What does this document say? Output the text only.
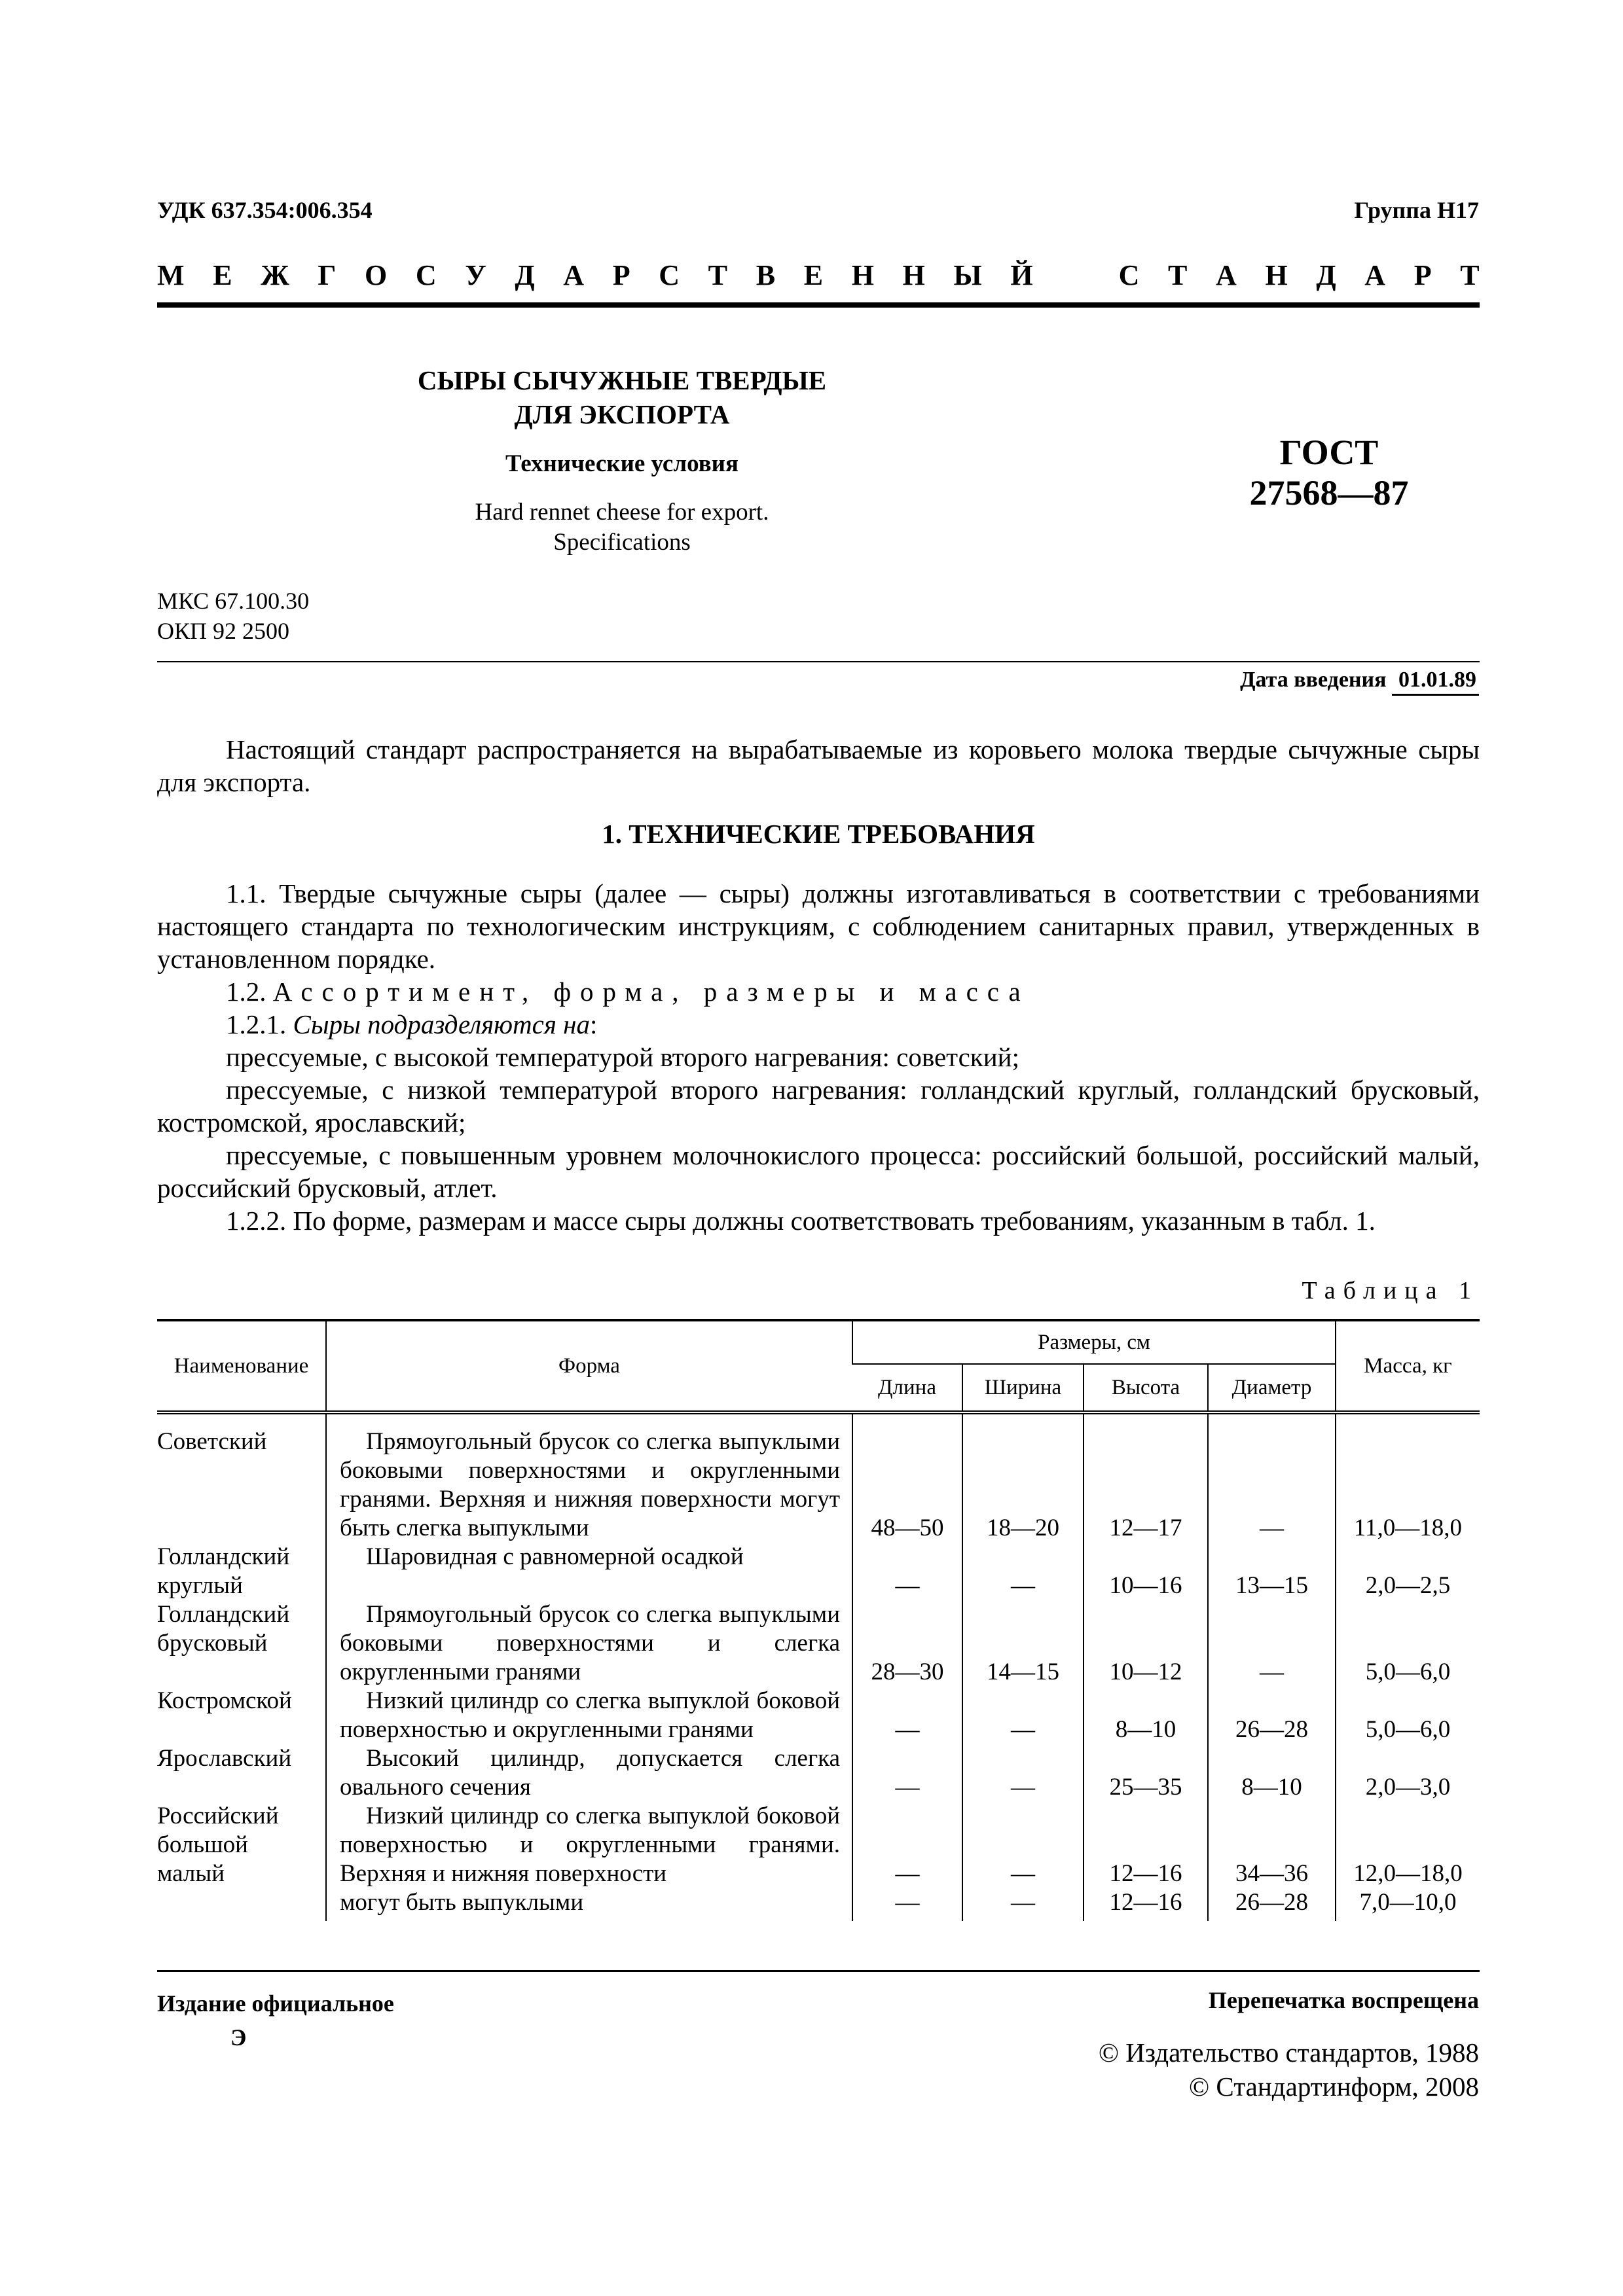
УДК 637.354:006.354	Группа Н17
М Е Ж Г О С У Д А Р С Т В Е Н Н Ы Й	С Т А Н Д А Р Т
СЫРЫ СЫЧУЖНЫЕ ТВЕРДЫЕ
ДЛЯ ЭКСПОРТА
Технические условия
Hard rennet cheese for export.
Specifications
ГОСТ
27568—87
МКС 67.100.30
ОКП 92 2500
Дата введения 01.01.89
Настоящий стандарт распространяется на вырабатываемые из коровьего молока твердые сычужные сыры для экспорта.
1. ТЕХНИЧЕСКИЕ ТРЕБОВАНИЯ

1.1. Твердые сычужные сыры (далее — сыры) должны изготавливаться в соответствии с требованиями настоящего стандарта по технологическим инструкциям, с соблюдением санитарных правил, утвержденных в установленном порядке.

1.2. Ассортимент, форма, размеры и масса

1.2.1. Сыры подразделяются на:

прессуемые, с высокой температурой второго нагревания: советский;

прессуемые, с низкой температурой второго нагревания: голландский круглый, голландский брусковый, костромской, ярославский;

прессуемые, с повышенным уровнем молочнокислого процесса: российский большой, российский малый, российский брусковый, атлет.

1.2.2. По форме, размерам и массе сыры должны соответствовать требованиям, указанным в табл. 1.

Таблица 1
Наименование	Форма	Размеры, см				Масса, кг
		Длина	Ширина	Высота	Диаметр	
Советский	Прямоугольный брусок со слегка выпуклыми боковыми поверхностями и округленными гранями. Верхняя и нижняя поверхности могут быть слегка выпуклыми	48—50	18—20	12—17	—	11,0—18,0
Голландский круглый	Шаровидная с равномерной осадкой	—	—	10—16	13—15	2,0—2,5
Голландский брусковый	Прямоугольный брусок со слегка выпуклыми боковыми поверхностями и слегка округленными гранями	28—30	14—15	10—12	—	5,0—6,0
Костромской	Низкий цилиндр со слегка выпуклой боковой поверхностью и округленными гранями	—	—	8—10	26—28	5,0—6,0
Ярославский	Высокий цилиндр, допускается слегка овального сечения	—	—	25—35	8—10	2,0—3,0
Российский большой малый	Низкий цилиндр со слегка выпуклой боковой поверхностью и округленными гранями. Верхняя и нижняя поверхности	—	—	12—16	34—36	12,0—18,0
	могут быть выпуклыми	—	—	12—16	26—28	7,0—10,0
Издание официальное
Э
Перепечатка воспрещена
© Издательство стандартов, 1988
© Стандартинформ, 2008
